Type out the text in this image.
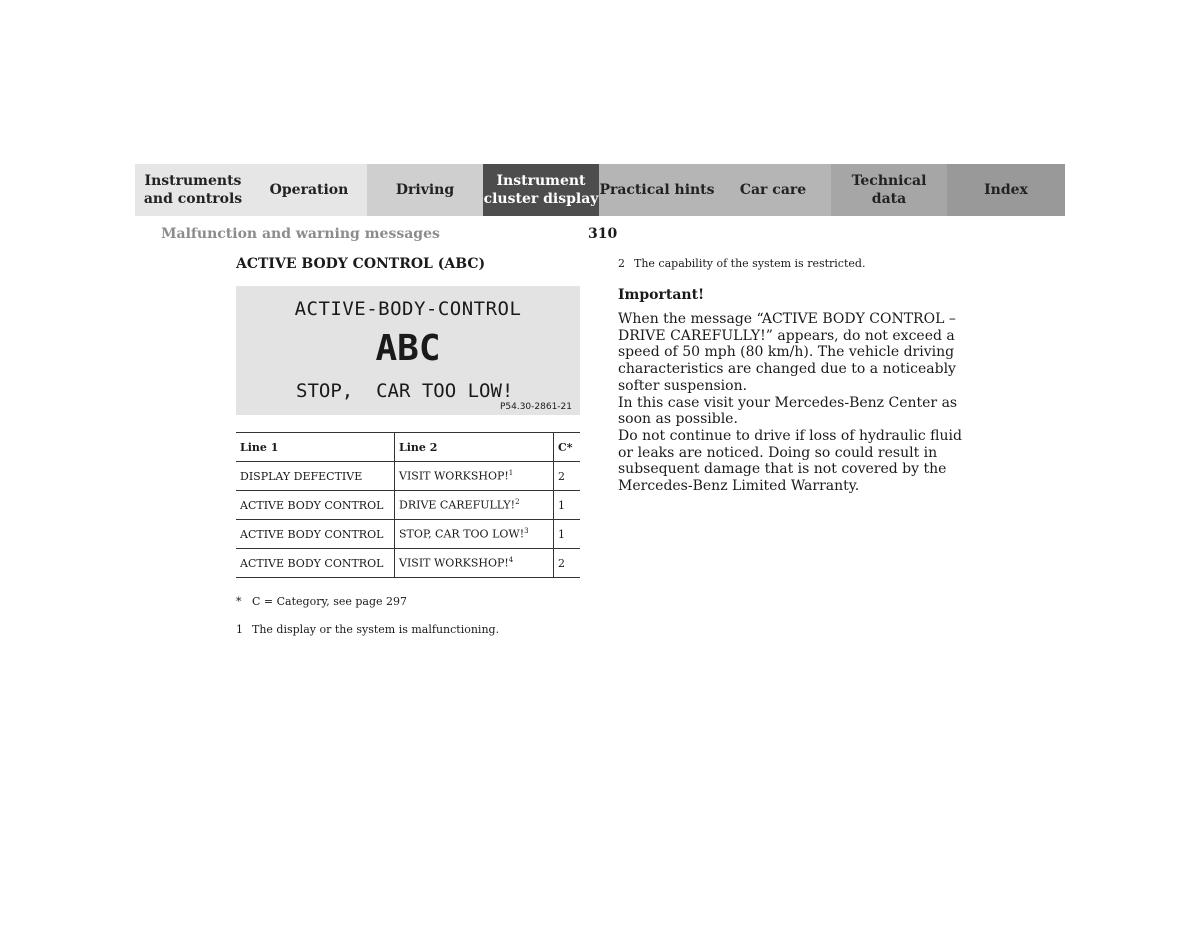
Instruments
and controls
Operation	Driving
Instrument
cluster display
Practical hints	Car care
Technical
data
Index
Malfunction and warning messages	310
ACTIVE BODY CONTROL (ABC)
ACTIVE-BODY-CONTROL
ABC
STOP,  CAR TOO LOW!
P54.30-2861-21
Line 1	Line 2	C*
DISPLAY DEFECTIVE	VISIT WORKSHOP!$^1$	2
ACTIVE BODY CONTROL	DRIVE CAREFULLY!$^2$	1
ACTIVE BODY CONTROL	STOP, CAR TOO LOW!$^3$	1
ACTIVE BODY CONTROL	VISIT WORKSHOP!$^4$	2
* C = Category, see page 297
1 The display or the system is malfunctioning.
2 The capability of the system is restricted.
Important!

When the message “ACTIVE BODY CONTROL – DRIVE CAREFULLY!” appears, do not exceed a speed of 50 mph (80 km/h). The vehicle driving characteristics are changed due to a noticeably softer suspension.

In this case visit your Mercedes-Benz Center as soon as possible.

Do not continue to drive if loss of hydraulic fluid or leaks are noticed. Doing so could result in subsequent damage that is not covered by the Mercedes-Benz Limited Warranty.
